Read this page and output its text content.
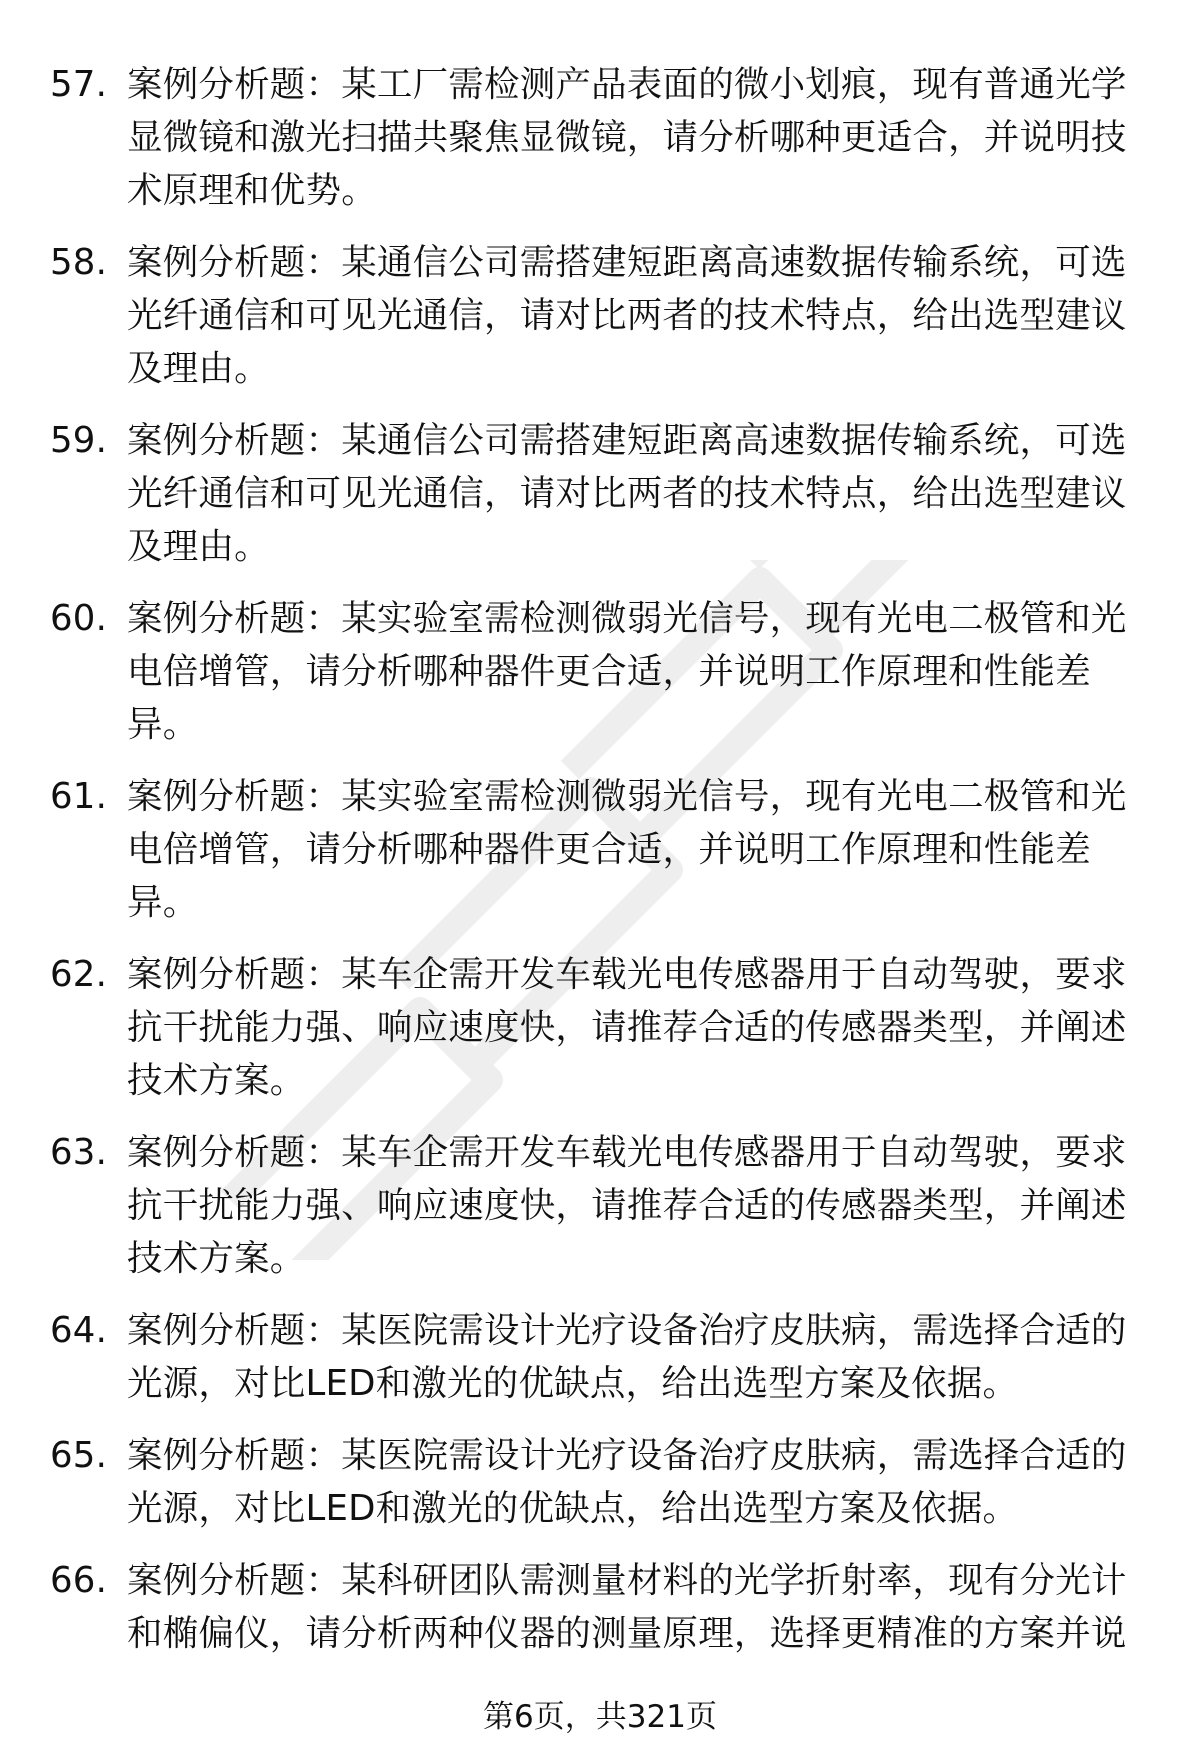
57. 案例分析题：某工厂需检测产品表面的微小划痕，现有普通光学显微镜和激光扫描共聚焦显微镜，请分析哪种更适合，并说明技术原理和优势。
58. 案例分析题：某通信公司需搭建短距离高速数据传输系统，可选光纤通信和可见光通信，请对比两者的技术特点，给出选型建议及理由。
59. 案例分析题：某通信公司需搭建短距离高速数据传输系统，可选光纤通信和可见光通信，请对比两者的技术特点，给出选型建议及理由。
60. 案例分析题：某实验室需检测微弱光信号，现有光电二极管和光电倍增管，请分析哪种器件更合适，并说明工作原理和性能差异。
61. 案例分析题：某实验室需检测微弱光信号，现有光电二极管和光电倍增管，请分析哪种器件更合适，并说明工作原理和性能差异。
62. 案例分析题：某车企需开发车载光电传感器用于自动驾驶，要求抗干扰能力强、响应速度快，请推荐合适的传感器类型，并阐述技术方案。
63. 案例分析题：某车企需开发车载光电传感器用于自动驾驶，要求抗干扰能力强、响应速度快，请推荐合适的传感器类型，并阐述技术方案。
64. 案例分析题：某医院需设计光疗设备治疗皮肤病，需选择合适的光源，对比LED和激光的优缺点，给出选型方案及依据。
65. 案例分析题：某医院需设计光疗设备治疗皮肤病，需选择合适的光源，对比LED和激光的优缺点，给出选型方案及依据。
66. 案例分析题：某科研团队需测量材料的光学折射率，现有分光计和椭偏仪，请分析两种仪器的测量原理，选择更精准的方案并说
第6页，共321页
